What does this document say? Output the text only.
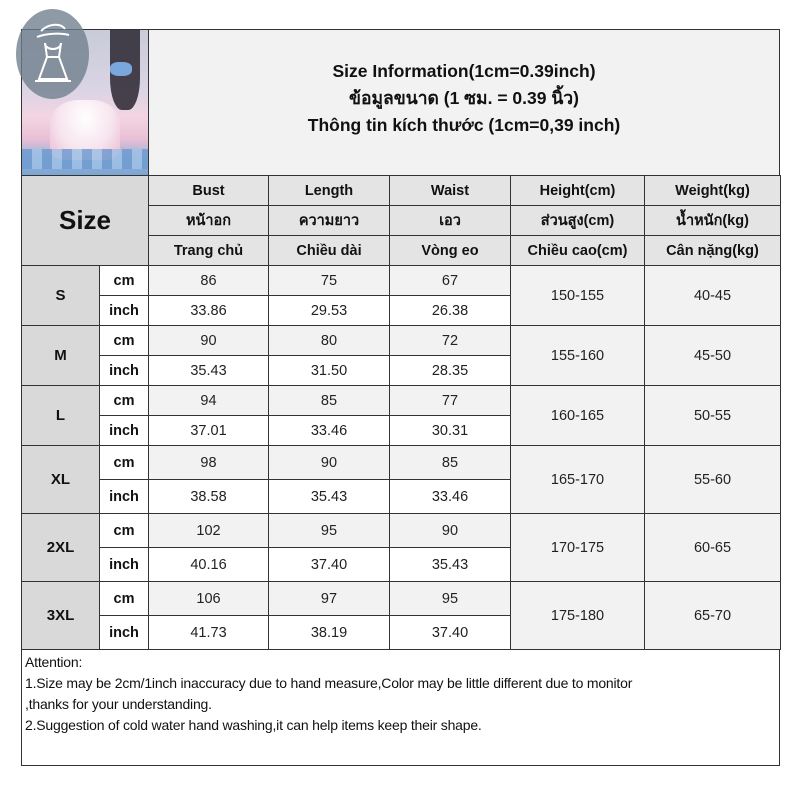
Size Information(1cm=0.39inch)
ข้อมูลขนาด (1 ซม. = 0.39 นิ้ว)
Thông tin kích thước (1cm=0,39 inch)
Size		Bust	Length	Waist	Height(cm)	Weight(kg)
		หน้าอก	ความยาว	เอว	ส่วนสูง(cm)	น้ำหนัก(kg)
		Trang chủ	Chiều dài	Vòng eo	Chiều cao(cm)	Cân nặng(kg)
S	cm	86	75	67	150-155	40-45
	inch	33.86	29.53	26.38		
M	cm	90	80	72	155-160	45-50
	inch	35.43	31.50	28.35		
L	cm	94	85	77	160-165	50-55
	inch	37.01	33.46	30.31		
XL	cm	98	90	85	165-170	55-60
	inch	38.58	35.43	33.46		
2XL	cm	102	95	90	170-175	60-65
	inch	40.16	37.40	35.43		
3XL	cm	106	97	95	175-180	65-70
	inch	41.73	38.19	37.40		
Attention:
1.Size may be 2cm/1inch inaccuracy due to hand measure,Color may be little different due to monitor
,thanks for your understanding.
2.Suggestion of cold water hand washing,it can help items keep their shape.
